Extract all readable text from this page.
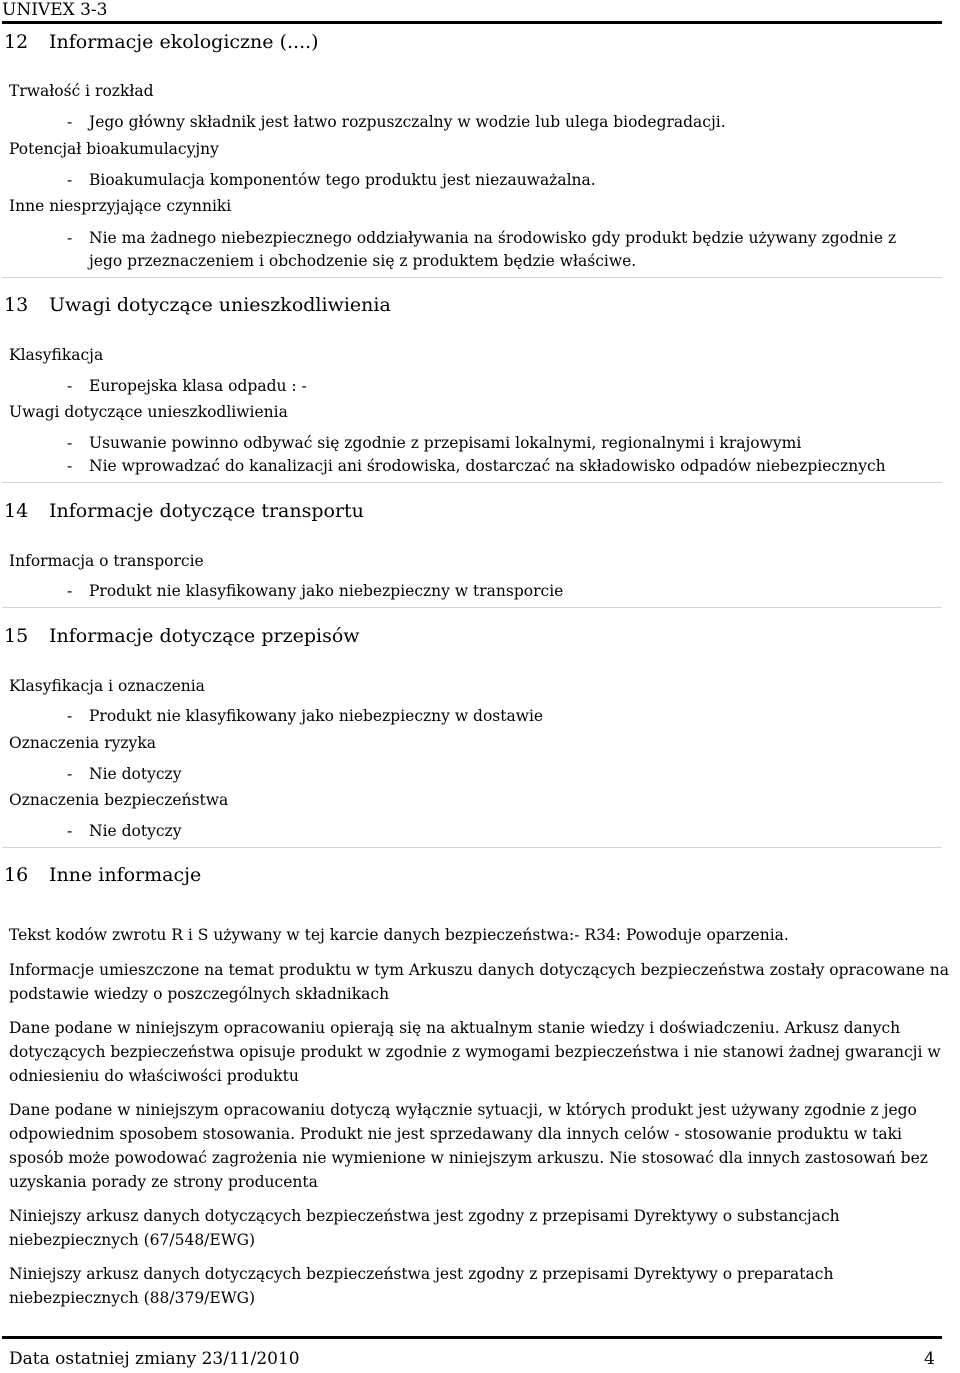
UNIVEX 3-3
12 Informacje ekologiczne (....)
Trwałość i rozkład
- Jego główny składnik jest łatwo rozpuszczalny w wodzie lub ulega biodegradacji.
Potencjał bioakumulacyjny
- Bioakumulacja komponentów tego produktu jest niezauważalna.
Inne niesprzyjające czynniki
- Nie ma żadnego niebezpiecznego oddziaływania na środowisko gdy produkt będzie używany zgodnie z
jego przeznaczeniem i obchodzenie się z produktem będzie właściwe.
13 Uwagi dotyczące unieszkodliwienia
Klasyfikacja
- Europejska klasa odpadu : -
Uwagi dotyczące unieszkodliwienia
- Usuwanie powinno odbywać się zgodnie z przepisami lokalnymi, regionalnymi i krajowymi
- Nie wprowadzać do kanalizacji ani środowiska, dostarczać na składowisko odpadów niebezpiecznych
14 Informacje dotyczące transportu
Informacja o transporcie
- Produkt nie klasyfikowany jako niebezpieczny w transporcie
15 Informacje dotyczące przepisów
Klasyfikacja i oznaczenia
- Produkt nie klasyfikowany jako niebezpieczny w dostawie
Oznaczenia ryzyka
- Nie dotyczy
Oznaczenia bezpieczeństwa
- Nie dotyczy
16 Inne informacje
Tekst kodów zwrotu R i S używany w tej karcie danych bezpieczeństwa:- R34: Powoduje oparzenia.
Informacje umieszczone na temat produktu w tym Arkuszu danych dotyczących bezpieczeństwa zostały opracowane na podstawie wiedzy o poszczególnych składnikach
Dane podane w niniejszym opracowaniu opierają się na aktualnym stanie wiedzy i doświadczeniu. Arkusz danych dotyczących bezpieczeństwa opisuje produkt w zgodnie z wymogami bezpieczeństwa i nie stanowi żadnej gwarancji w odniesieniu do właściwości produktu
Dane podane w niniejszym opracowaniu dotyczą wyłącznie sytuacji, w których produkt jest używany zgodnie z jego odpowiednim sposobem stosowania. Produkt nie jest sprzedawany dla innych celów - stosowanie produktu w taki sposób może powodować zagrożenia nie wymienione w niniejszym arkuszu. Nie stosować dla innych zastosowań bez uzyskania porady ze strony producenta
Niniejszy arkusz danych dotyczących bezpieczeństwa jest zgodny z przepisami Dyrektywy o substancjach niebezpiecznych (67/548/EWG)
Niniejszy arkusz danych dotyczących bezpieczeństwa jest zgodny z przepisami Dyrektywy o preparatach niebezpiecznych (88/379/EWG)
Data ostatniej zmiany 23/11/2010	4
